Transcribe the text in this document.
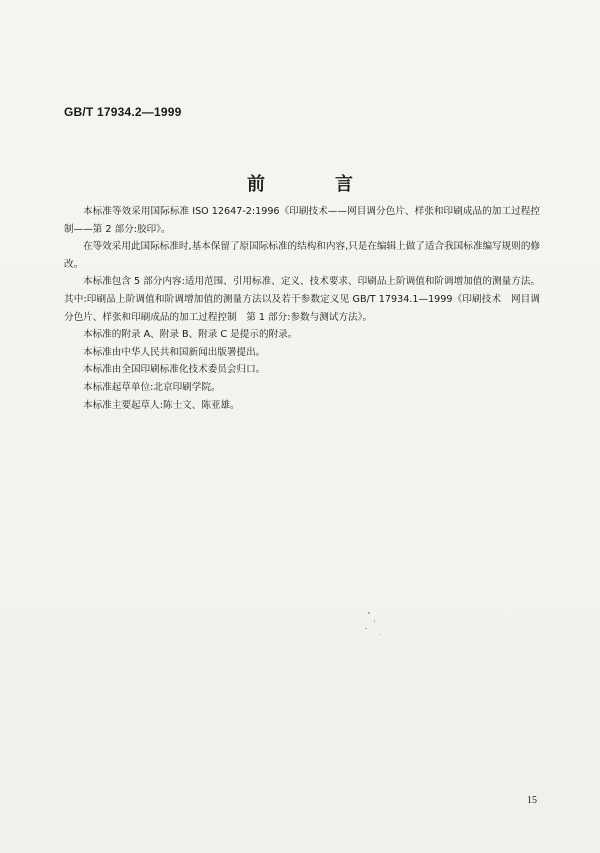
GB/T 17934.2—1999
前　言

本标准等效采用国际标准 ISO 12647-2:1996《印刷技术——网目调分色片、样张和印刷成品的加工过程控制——第 2 部分:胶印》。

在等效采用此国际标准时,基本保留了原国际标准的结构和内容,只是在编辑上做了适合我国标准编写规则的修改。

本标准包含 5 部分内容:适用范围、引用标准、定义、技术要求、印刷品上阶调值和阶调增加值的测量方法。其中:印刷品上阶调值和阶调增加值的测量方法以及若干参数定义见 GB/T 17934.1—1999《印刷技术　网目调分色片、样张和印刷成品的加工过程控制　第 1 部分:参数与测试方法》。

本标准的附录 A、附录 B、附录 C 是提示的附录。

本标准由中华人民共和国新闻出版署提出。

本标准由全国印刷标准化技术委员会归口。

本标准起草单位:北京印刷学院。

本标准主要起草人:陈士文、陈亚雄。

15
